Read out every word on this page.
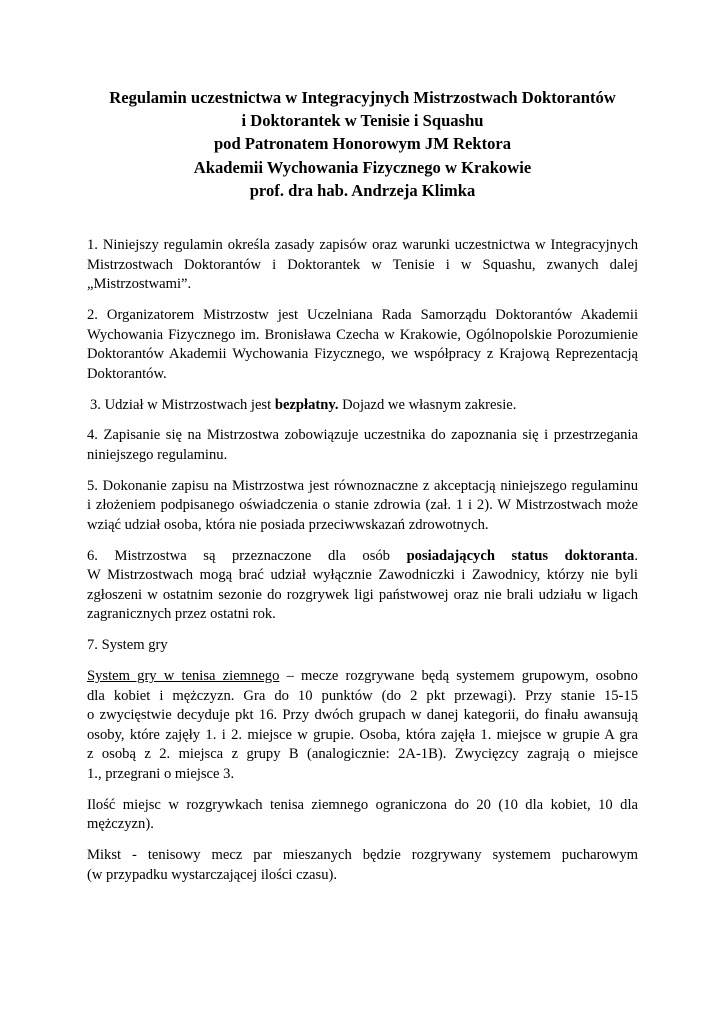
Regulamin uczestnictwa w Integracyjnych Mistrzostwach Doktorantów
i Doktorantek w Tenisie i Squashu
pod Patronatem Honorowym JM Rektora
Akademii Wychowania Fizycznego w Krakowie
prof. dra hab. Andrzeja Klimka

1. Niniejszy regulamin określa zasady zapisów oraz warunki uczestnictwa w Integracyjnych
Mistrzostwach Doktorantów i Doktorantek w Tenisie i w Squashu, zwanych dalej
„Mistrzostwami”.

2. Organizatorem Mistrzostw jest Uczelniana Rada Samorządu Doktorantów Akademii
Wychowania Fizycznego im. Bronisława Czecha w Krakowie, Ogólnopolskie Porozumienie
Doktorantów Akademii Wychowania Fizycznego, we współpracy z Krajową Reprezentacją
Doktorantów.

3. Udział w Mistrzostwach jest bezpłatny. Dojazd we własnym zakresie.

4. Zapisanie się na Mistrzostwa zobowiązuje uczestnika do zapoznania się i przestrzegania
niniejszego regulaminu.

5. Dokonanie zapisu na Mistrzostwa jest równoznaczne z akceptacją niniejszego regulaminu
i złożeniem podpisanego oświadczenia o stanie zdrowia (zał. 1 i 2). W Mistrzostwach może
wziąć udział osoba, która nie posiada przeciwwskazań zdrowotnych.

6. Mistrzostwa są przeznaczone dla osób posiadających status doktoranta.
W Mistrzostwach mogą brać udział wyłącznie Zawodniczki i Zawodnicy, którzy nie byli
zgłoszeni w ostatnim sezonie do rozgrywek ligi państwowej oraz nie brali udziału w ligach
zagranicznych przez ostatni rok.

7. System gry

System gry w tenisa ziemnego – mecze rozgrywane będą systemem grupowym, osobno
dla kobiet i mężczyzn. Gra do 10 punktów (do 2 pkt przewagi). Przy stanie 15-15
o zwycięstwie decyduje pkt 16. Przy dwóch grupach w danej kategorii, do finału awansują
osoby, które zajęły 1. i 2. miejsce w grupie. Osoba, która zajęła 1. miejsce w grupie A gra
z osobą z 2. miejsca z grupy B (analogicznie: 2A-1B). Zwycięzcy zagrają o miejsce
1., przegrani o miejsce 3.

Ilość miejsc w rozgrywkach tenisa ziemnego ograniczona do 20 (10 dla kobiet, 10 dla
mężczyzn).

Mikst - tenisowy mecz par mieszanych będzie rozgrywany systemem pucharowym
(w przypadku wystarczającej ilości czasu).
